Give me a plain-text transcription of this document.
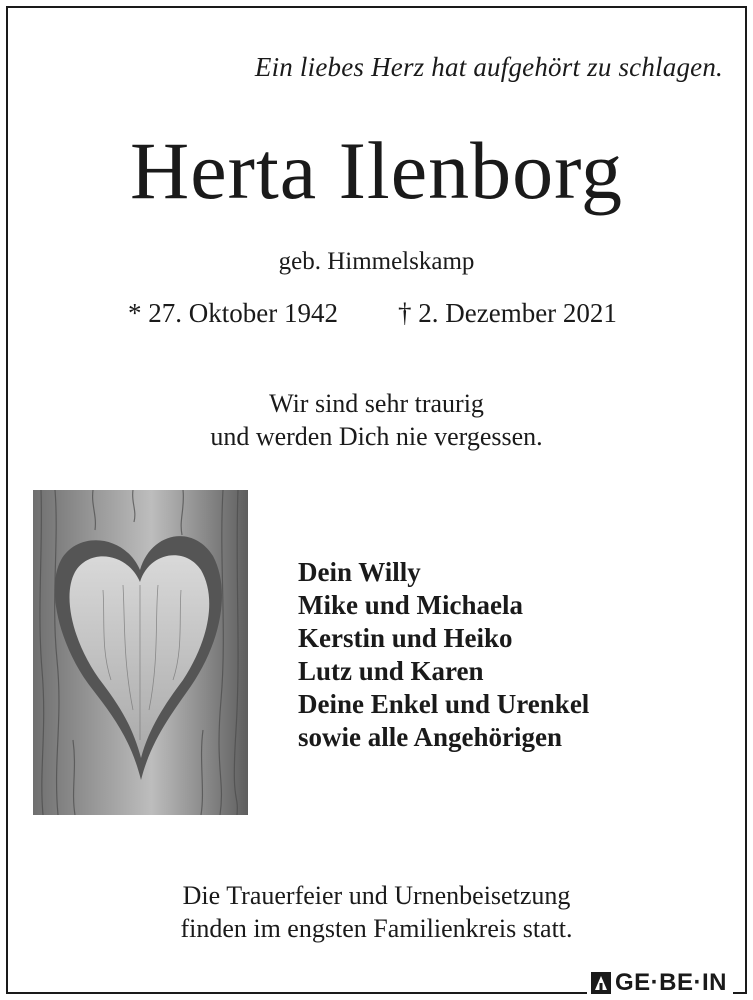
Ein liebes Herz hat aufgehört zu schlagen.
Herta Ilenborg
geb. Himmelskamp
* 27. Oktober 1942 † 2. Dezember 2021
Wir sind sehr traurig
und werden Dich nie vergessen.
Dein Willy
Mike und Michaela
Kerstin und Heiko
Lutz und Karen
Deine Enkel und Urenkel
sowie alle Angehörigen
Die Trauerfeier und Urnenbeisetzung
finden im engsten Familienkreis statt.
GE·BE·IN
